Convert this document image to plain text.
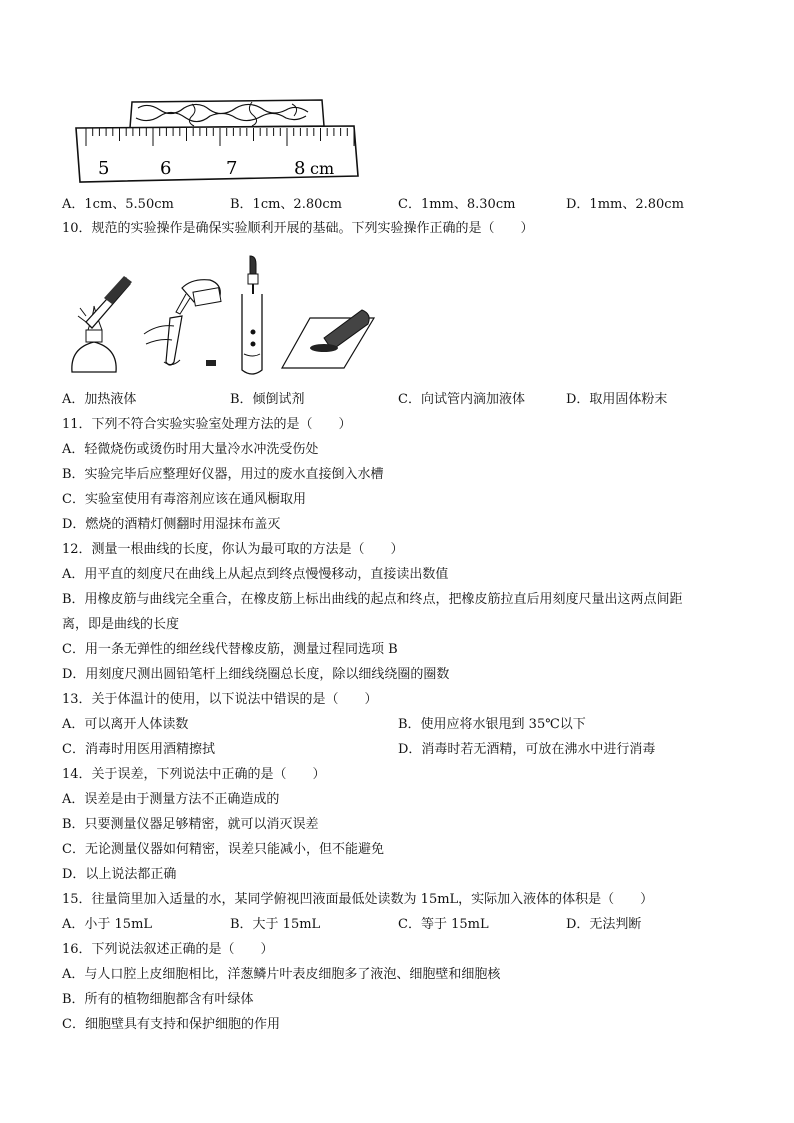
5	6	7	8 cm
A．1cm、5.50cm	B．1cm、2.80cm	C．1mm、8.30cm	D．1mm、2.80cm
10．规范的实验操作是确保实验顺利开展的基础。下列实验操作正确的是（　　）
A．加热液体	B．倾倒试剂	C．向试管内滴加液体	D．取用固体粉末
11．下列不符合实验实验室处理方法的是（　　）
A．轻微烧伤或烫伤时用大量冷水冲洗受伤处
B．实验完毕后应整理好仪器，用过的废水直接倒入水槽
C．实验室使用有毒溶剂应该在通风橱取用
D．燃烧的酒精灯侧翻时用湿抹布盖灭
12．测量一根曲线的长度，你认为最可取的方法是（　　）
A．用平直的刻度尺在曲线上从起点到终点慢慢移动，直接读出数值
B．用橡皮筋与曲线完全重合，在橡皮筋上标出曲线的起点和终点，把橡皮筋拉直后用刻度尺量出这两点间距
离，即是曲线的长度
C．用一条无弹性的细丝线代替橡皮筋，测量过程同选项 B
D．用刻度尺测出圆铅笔杆上细线绕圈总长度，除以细线绕圈的圈数
13．关于体温计的使用，以下说法中错误的是（　　）
A．可以离开人体读数	B．使用应将水银甩到 35℃以下
C．消毒时用医用酒精擦拭	D．消毒时若无酒精，可放在沸水中进行消毒
14．关于误差，下列说法中正确的是（　　）
A．误差是由于测量方法不正确造成的
B．只要测量仪器足够精密，就可以消灭误差
C．无论测量仪器如何精密，误差只能减小，但不能避免
D．以上说法都正确
15．往量筒里加入适量的水，某同学俯视凹液面最低处读数为 15mL，实际加入液体的体积是（　　）
A．小于 15mL	B．大于 15mL	C．等于 15mL	D．无法判断
16．下列说法叙述正确的是（　　）
A．与人口腔上皮细胞相比，洋葱鳞片叶表皮细胞多了液泡、细胞壁和细胞核
B．所有的植物细胞都含有叶绿体
C．细胞壁具有支持和保护细胞的作用
